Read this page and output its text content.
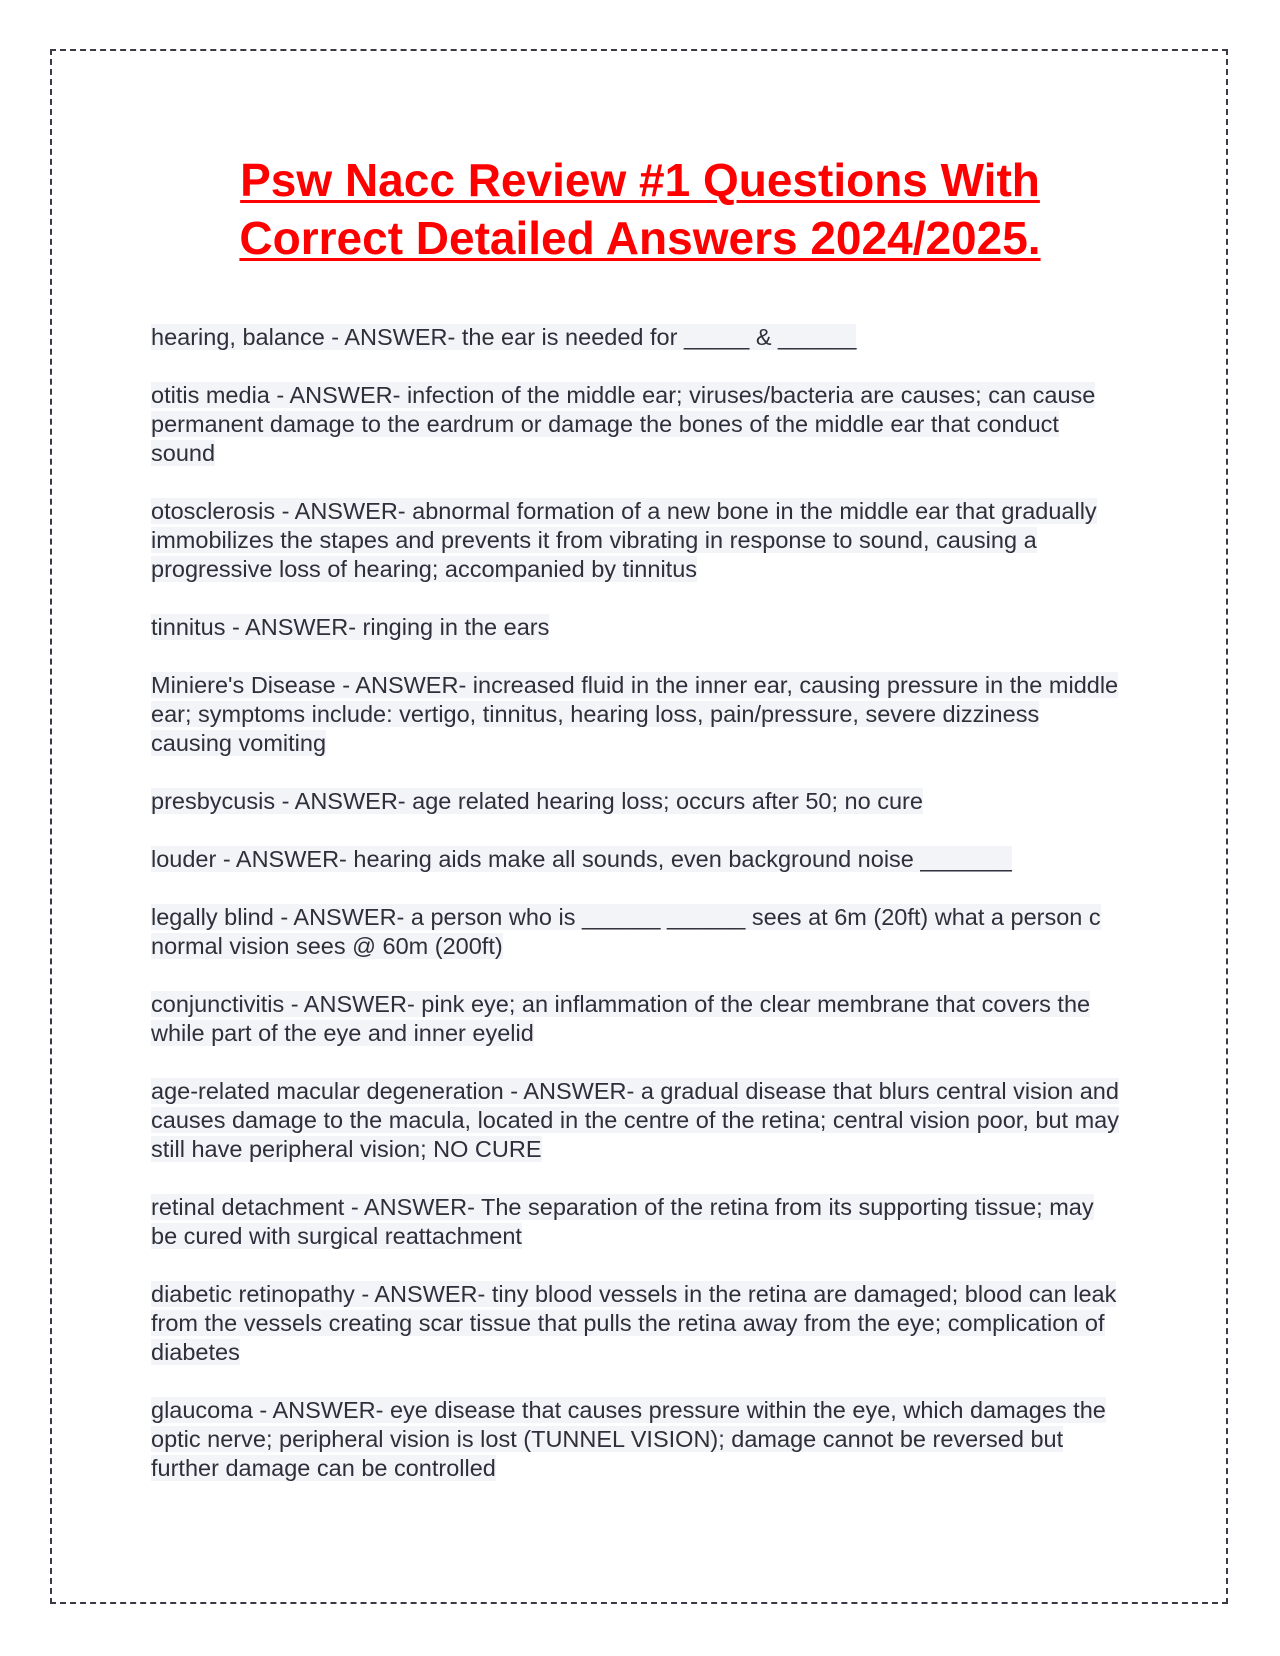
Psw Nacc Review #1 Questions With
Correct Detailed Answers 2024/2025.

hearing, balance - ANSWER- the ear is needed for _____ & ______

otitis media - ANSWER- infection of the middle ear; viruses/bacteria are causes; can cause permanent damage to the eardrum or damage the bones of the middle ear that conduct sound

otosclerosis - ANSWER- abnormal formation of a new bone in the middle ear that gradually immobilizes the stapes and prevents it from vibrating in response to sound, causing a progressive loss of hearing; accompanied by tinnitus

tinnitus - ANSWER- ringing in the ears

Miniere's Disease - ANSWER- increased fluid in the inner ear, causing pressure in the middle ear; symptoms include: vertigo, tinnitus, hearing loss, pain/pressure, severe dizziness causing vomiting

presbycusis - ANSWER- age related hearing loss; occurs after 50; no cure

louder - ANSWER- hearing aids make all sounds, even background noise _______

legally blind - ANSWER- a person who is ______ ______ sees at 6m (20ft) what a person c normal vision sees @ 60m (200ft)

conjunctivitis - ANSWER- pink eye; an inflammation of the clear membrane that covers the while part of the eye and inner eyelid

age-related macular degeneration - ANSWER- a gradual disease that blurs central vision and causes damage to the macula, located in the centre of the retina; central vision poor, but may still have peripheral vision; NO CURE

retinal detachment - ANSWER- The separation of the retina from its supporting tissue; may be cured with surgical reattachment

diabetic retinopathy - ANSWER- tiny blood vessels in the retina are damaged; blood can leak from the vessels creating scar tissue that pulls the retina away from the eye; complication of diabetes

glaucoma - ANSWER- eye disease that causes pressure within the eye, which damages the optic nerve; peripheral vision is lost (TUNNEL VISION); damage cannot be reversed but further damage can be controlled
